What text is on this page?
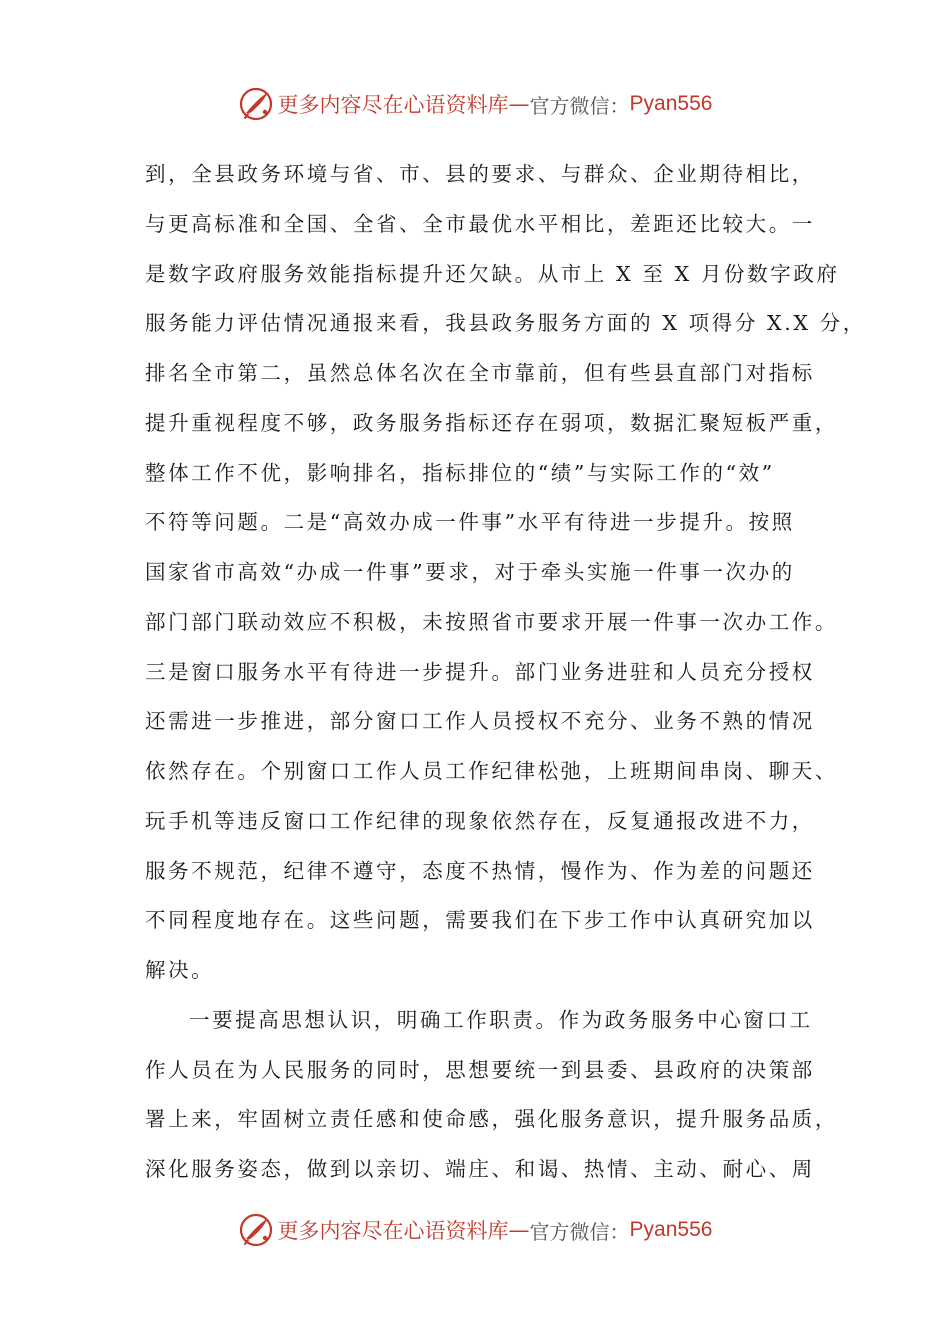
更多内容尽在心语资料库 — 官方微信： Pyan556
到，全县政务环境与省、市、县的要求、与群众、企业期待相比，
与更高标准和全国、全省、全市最优水平相比，差距还比较大。一
是数字政府服务效能指标提升还欠缺。从市上 X 至 X 月份数字政府
服务能力评估情况通报来看，我县政务服务方面的 X 项得分 X.X 分，
排名全市第二，虽然总体名次在全市靠前，但有些县直部门对指标
提升重视程度不够，政务服务指标还存在弱项，数据汇聚短板严重，
整体工作不优，影响排名，指标排位的“绩”与实际工作的“效”
不符等问题。二是“高效办成一件事”水平有待进一步提升。按照
国家省市高效“办成一件事”要求，对于牵头实施一件事一次办的
部门部门联动效应不积极，未按照省市要求开展一件事一次办工作。
三是窗口服务水平有待进一步提升。部门业务进驻和人员充分授权
还需进一步推进，部分窗口工作人员授权不充分、业务不熟的情况
依然存在。个别窗口工作人员工作纪律松弛，上班期间串岗、聊天、
玩手机等违反窗口工作纪律的现象依然存在，反复通报改进不力，
服务不规范，纪律不遵守，态度不热情，慢作为、作为差的问题还
不同程度地存在。这些问题，需要我们在下步工作中认真研究加以
解决。
一要提高思想认识，明确工作职责。作为政务服务中心窗口工
作人员在为人民服务的同时，思想要统一到县委、县政府的决策部
署上来，牢固树立责任感和使命感，强化服务意识，提升服务品质，
深化服务姿态，做到以亲切、端庄、和谒、热情、主动、耐心、周
更多内容尽在心语资料库 — 官方微信： Pyan556
